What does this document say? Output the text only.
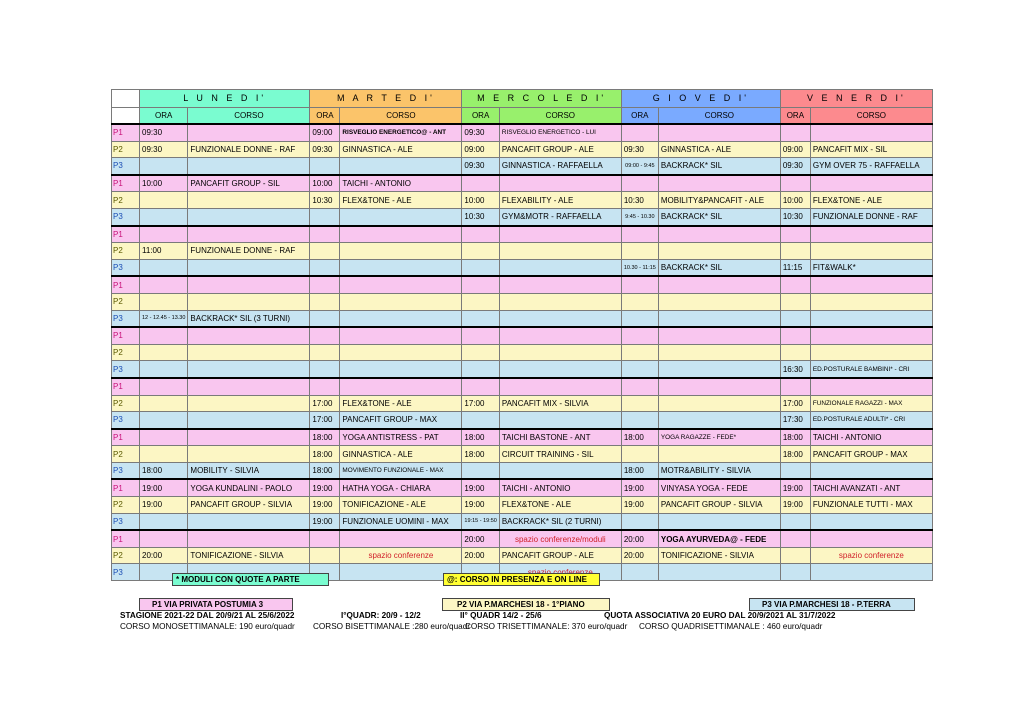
	L U N E D I'		M A R T E D I'		M E R C O L E D I'		G I O V E D I'		V E N E R D I'	
	ORA	CORSO	ORA	CORSO	ORA	CORSO	ORA	CORSO	ORA	CORSO
P1	09:30		09:00	RISVEGLIO ENERGETICO@ - ANT	09:30	RISVEGLIO ENERGETICO - LUI				
P2	09:30	FUNZIONALE DONNE - RAF	09:30	GINNASTICA - ALE	09:00	PANCAFIT GROUP - ALE	09:30	GINNASTICA - ALE	09:00	PANCAFIT MIX - SIL
P3					09:30	GINNASTICA - RAFFAELLA	09:00 - 9:45	BACKRACK* SIL	09:30	GYM OVER 75 - RAFFAELLA
P1	10:00	PANCAFIT GROUP - SIL	10:00	TAICHI - ANTONIO						
P2			10:30	FLEX&TONE - ALE	10:00	FLEXABILITY - ALE	10:30	MOBILITY&PANCAFIT - ALE	10:00	FLEX&TONE - ALE
P3					10:30	GYM&MOTR - RAFFAELLA	9:45 - 10.30	BACKRACK* SIL	10:30	FUNZIONALE DONNE - RAF
P1										
P2	11:00	FUNZIONALE DONNE - RAF								
P3							10.30 - 11:15	BACKRACK* SIL	11:15	FIT&WALK*
P1										
P2										
P3	12 - 12.45 - 13.30	BACKRACK* SIL (3 TURNI)								
P1										
P2										
P3									16:30	ED.POSTURALE BAMBINI* - CRI
P1										
P2			17:00	FLEX&TONE - ALE	17:00	PANCAFIT MIX - SILVIA			17:00	FUNZIONALE RAGAZZI - MAX
P3			17:00	PANCAFIT GROUP - MAX					17:30	ED.POSTURALE ADULTI* - CRI
P1			18:00	YOGA ANTISTRESS - PAT	18:00	TAICHI BASTONE - ANT	18:00	YOGA RAGAZZE - FEDE*	18:00	TAICHI - ANTONIO
P2			18:00	GINNASTICA - ALE	18:00	CIRCUIT TRAINING - SIL			18:00	PANCAFIT GROUP - MAX
P3	18:00	MOBILITY - SILVIA	18:00	MOVIMENTO FUNZIONALE - MAX			18:00	MOTR&ABILITY - SILVIA		
P1	19:00	YOGA KUNDALINI - PAOLO	19:00	HATHA YOGA - CHIARA	19:00	TAICHI - ANTONIO	19:00	VINYASA YOGA - FEDE	19:00	TAICHI AVANZATI - ANT
P2	19:00	PANCAFIT GROUP - SILVIA	19:00	TONIFICAZIONE - ALE	19:00	FLEX&TONE - ALE	19:00	PANCAFIT GROUP - SILVIA	19:00	FUNZIONALE TUTTI - MAX
P3			19:00	FUNZIONALE UOMINI - MAX	19:15 - 19:50	BACKRACK* SIL (2 TURNI)				
P1					20:00	spazio conferenze/moduli	20:00	YOGA AYURVEDA@ - FEDE		
P2	20:00	TONIFICAZIONE - SILVIA		spazio conferenze	20:00	PANCAFIT GROUP - ALE	20:00	TONIFICAZIONE - SILVIA		spazio conferenze
P3										
* MODULI CON QUOTE A PARTE	@: CORSO IN PRESENZA E ON LINE
P1 VIA PRIVATA POSTUMIA 3	P2 VIA P.MARCHESI 18 - 1°PIANO	P3 VIA P.MARCHESI 18 - P.TERRA
STAGIONE 2021-22 DAL 20/9/21 AL 25/6/2022	I°QUADR: 20/9 - 12/2	II° QUADR 14/2 - 25/6	QUOTA ASSOCIATIVA 20 EURO DAL 20/9/2021 AL 31/7/2022
CORSO MONOSETTIMANALE: 190 euro/quadr CORSO BISETTIMANALE :280 euro/quadr
CORSO TRISETTIMANALE: 370 euro/quadr CORSO QUADRISETTIMANALE : 460 euro/quadr
